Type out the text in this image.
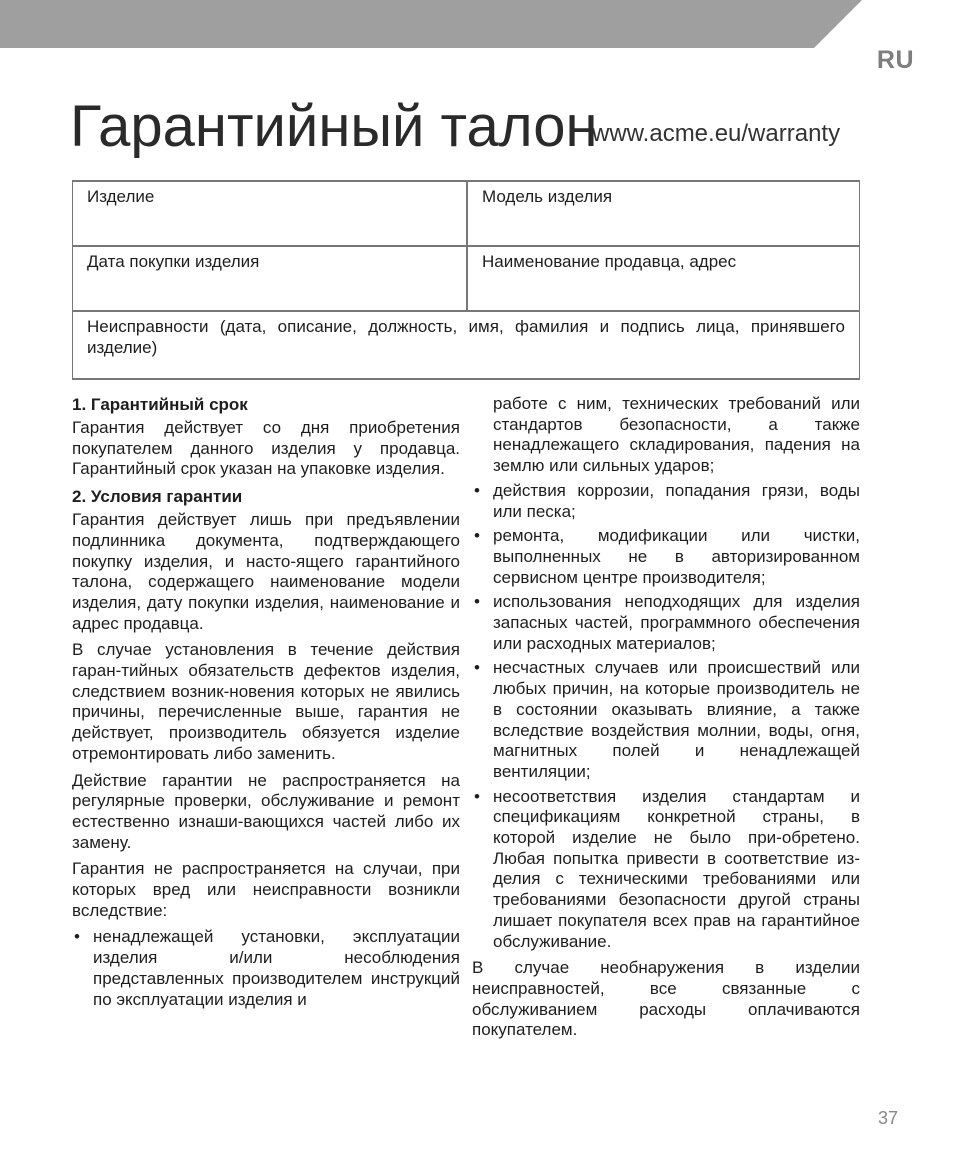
RU
Гарантийный талон
www.acme.eu/warranty
Изделие	Модель изделия
Дата покупки изделия	Наименование продавца, адрес
Неисправности (дата, описание, должность, имя, фамилия и подпись лица, принявшего изделие)
1. Гарантийный срок

Гарантия действует со дня приобретения покупателем данного изделия у продавца. Гарантийный срок указан на упаковке изделия.

2. Условия гарантии

Гарантия действует лишь при предъявлении подлинника документа, подтверждающего покупку изделия, и насто-ящего гарантийного талона, содержащего наименование модели изделия, дату покупки изделия, наименование и адрес продавца.

В случае установления в течение действия гаран-тийных обязательств дефектов изделия, следствием возник-новения которых не явились причины, перечисленные выше, гарантия не действует, производитель обязуется изделие отремонтировать либо заменить.

Действие гарантии не распространяется на регулярные проверки, обслуживание и ремонт естественно изнаши-вающихся частей либо их замену.

Гарантия не распространяется на случаи, при которых вред или неисправности возникли вследствие:

• ненадлежащей установки, эксплуатации изделия и/или несоблюдения представленных производителем инструкций по эксплуатации изделия и

работе с ним, технических требований или стандартов безопасности, а также ненадлежащего складирования, падения на землю или сильных ударов;

• действия коррозии, попадания грязи, воды или песка;
• ремонта, модификации или чистки, выполненных не в авторизированном сервисном центре производителя;
• использования неподходящих для изделия запасных частей, программного обеспечения или расходных материалов;
• несчастных случаев или происшествий или любых причин, на которые производитель не в состоянии оказывать влияние, а также вследствие воздействия молнии, воды, огня, магнитных полей и ненадлежащей вентиляции;
• несоответствия изделия стандартам и спецификациям конкретной страны, в которой изделие не было при-обретено. Любая попытка привести в соответствие из-делия с техническими требованиями или требованиями безопасности другой страны лишает покупателя всех прав на гарантийное обслуживание.

В случае необнаружения в изделии неисправностей, все связанные с обслуживанием расходы оплачиваются покупателем.

37
